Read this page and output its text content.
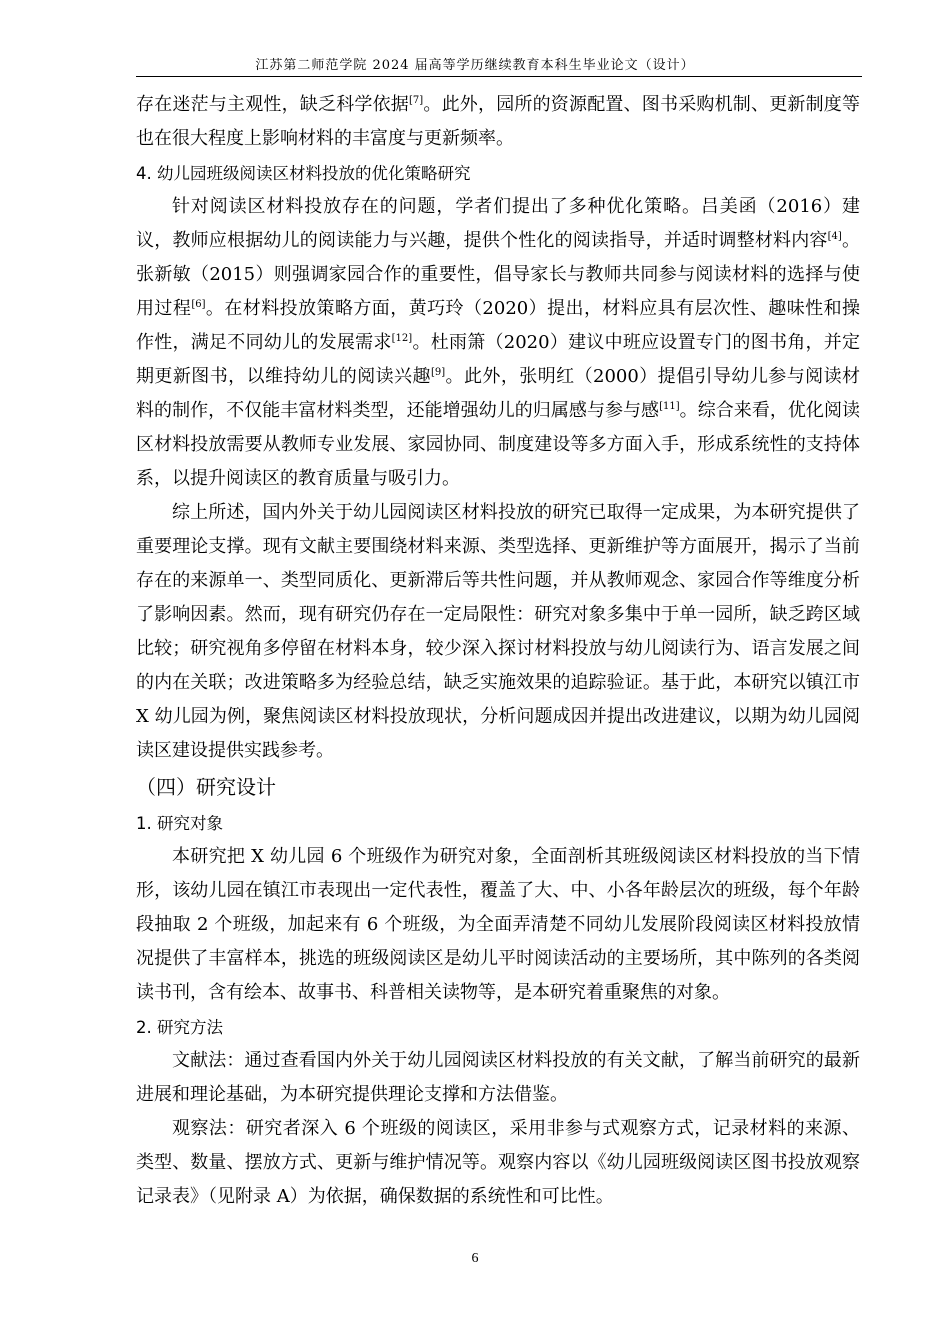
江苏第二师范学院 2024 届高等学历继续教育本科生毕业论文（设计）

存在迷茫与主观性，缺乏科学依据[7]。此外，园所的资源配置、图书采购机制、更新制度等也在很大程度上影响材料的丰富度与更新频率。

4. 幼儿园班级阅读区材料投放的优化策略研究

针对阅读区材料投放存在的问题，学者们提出了多种优化策略。吕美函（2016）建议，教师应根据幼儿的阅读能力与兴趣，提供个性化的阅读指导，并适时调整材料内容[4]。张新敏（2015）则强调家园合作的重要性，倡导家长与教师共同参与阅读材料的选择与使用过程[6]。在材料投放策略方面，黄巧玲（2020）提出，材料应具有层次性、趣味性和操作性，满足不同幼儿的发展需求[12]。杜雨箫（2020）建议中班应设置专门的图书角，并定期更新图书，以维持幼儿的阅读兴趣[9]。此外，张明红（2000）提倡引导幼儿参与阅读材料的制作，不仅能丰富材料类型，还能增强幼儿的归属感与参与感[11]。综合来看，优化阅读区材料投放需要从教师专业发展、家园协同、制度建设等多方面入手，形成系统性的支持体系，以提升阅读区的教育质量与吸引力。

综上所述，国内外关于幼儿园阅读区材料投放的研究已取得一定成果，为本研究提供了重要理论支撑。现有文献主要围绕材料来源、类型选择、更新维护等方面展开，揭示了当前存在的来源单一、类型同质化、更新滞后等共性问题，并从教师观念、家园合作等维度分析了影响因素。然而，现有研究仍存在一定局限性：研究对象多集中于单一园所，缺乏跨区域比较；研究视角多停留在材料本身，较少深入探讨材料投放与幼儿阅读行为、语言发展之间的内在关联；改进策略多为经验总结，缺乏实施效果的追踪验证。基于此，本研究以镇江市 X 幼儿园为例，聚焦阅读区材料投放现状，分析问题成因并提出改进建议，以期为幼儿园阅读区建设提供实践参考。

（四）研究设计
1. 研究对象

本研究把 X 幼儿园 6 个班级作为研究对象，全面剖析其班级阅读区材料投放的当下情形，该幼儿园在镇江市表现出一定代表性，覆盖了大、中、小各年龄层次的班级，每个年龄段抽取 2 个班级，加起来有 6 个班级，为全面弄清楚不同幼儿发展阶段阅读区材料投放情况提供了丰富样本，挑选的班级阅读区是幼儿平时阅读活动的主要场所，其中陈列的各类阅读书刊，含有绘本、故事书、科普相关读物等，是本研究着重聚焦的对象。

2. 研究方法

文献法：通过查看国内外关于幼儿园阅读区材料投放的有关文献，了解当前研究的最新进展和理论基础，为本研究提供理论支撑和方法借鉴。

观察法：研究者深入 6 个班级的阅读区，采用非参与式观察方式，记录材料的来源、类型、数量、摆放方式、更新与维护情况等。观察内容以《幼儿园班级阅读区图书投放观察记录表》（见附录 A）为依据，确保数据的系统性和可比性。

6
